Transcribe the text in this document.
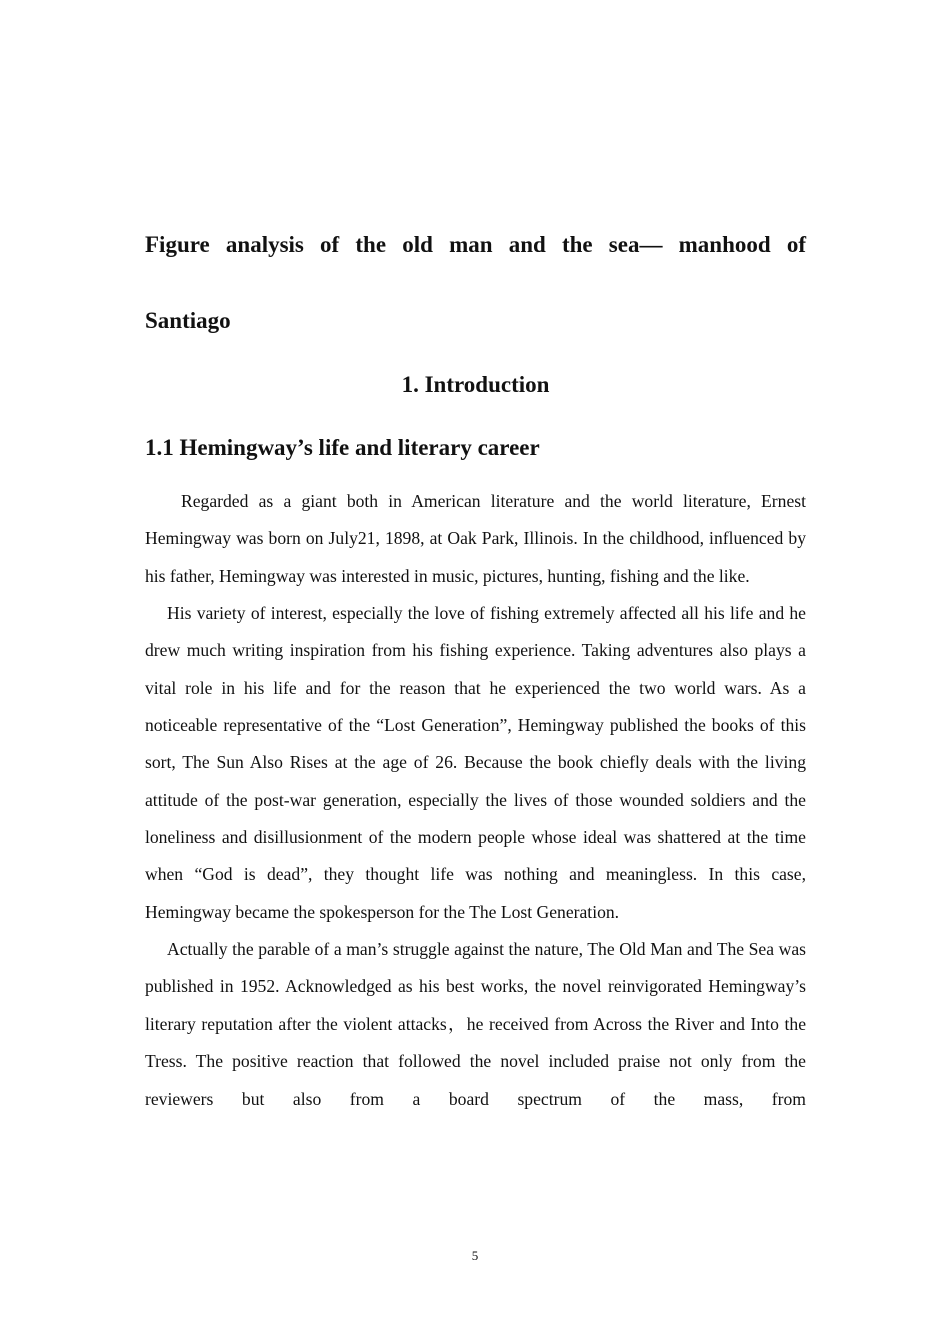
Figure analysis of the old man and the sea— manhood of
Santiago
1. Introduction
1.1 Hemingway’s life and literary career

Regarded as a giant both in American literature and the world literature, Ernest Hemingway was born on July21, 1898, at Oak Park, Illinois. In the childhood, influenced by his father, Hemingway was interested in music, pictures, hunting, fishing and the like.

His variety of interest, especially the love of fishing extremely affected all his life and he drew much writing inspiration from his fishing experience. Taking adventures also plays a vital role in his life and for the reason that he experienced the two world wars. As a noticeable representative of the “Lost Generation”, Hemingway published the books of this sort, The Sun Also Rises at the age of 26. Because the book chiefly deals with the living attitude of the post-war generation, especially the lives of those wounded soldiers and the loneliness and disillusionment of the modern people whose ideal was shattered at the time when “God is dead”, they thought life was nothing and meaningless. In this case, Hemingway became the spokesperson for the The Lost Generation.

Actually the parable of a man’s struggle against the nature, The Old Man and The Sea was published in 1952. Acknowledged as his best works, the novel reinvigorated Hemingway’s literary reputation after the violent attacks，he received from Across the River and Into the Tress. The positive reaction that followed the novel included praise not only from the reviewers but also from a board spectrum of the mass, from

5
